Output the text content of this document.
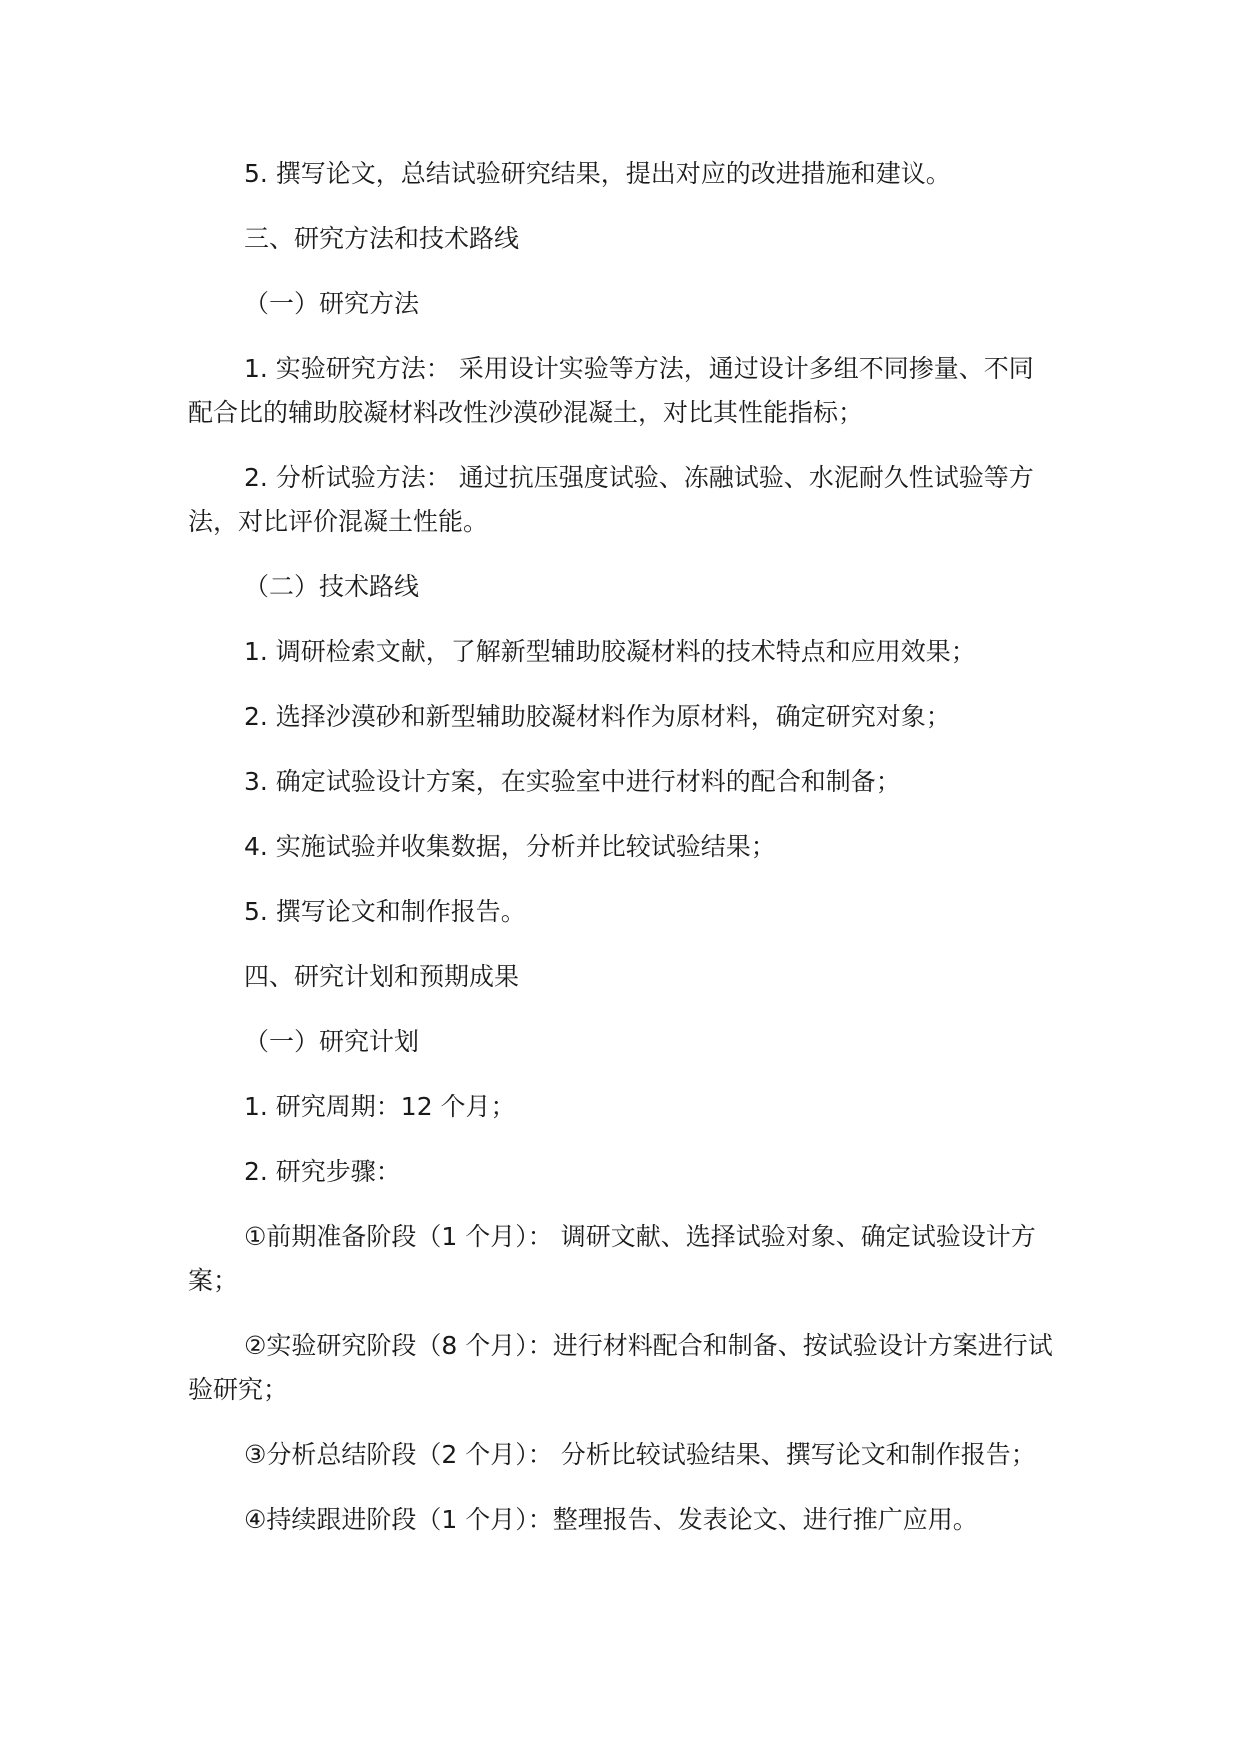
5. 撰写论文，总结试验研究结果，提出对应的改进措施和建议。

三、研究方法和技术路线

（一）研究方法

1. 实验研究方法： 采用设计实验等方法，通过设计多组不同掺量、不同配合比的辅助胶凝材料改性沙漠砂混凝土，对比其性能指标；

2. 分析试验方法： 通过抗压强度试验、冻融试验、水泥耐久性试验等方法，对比评价混凝土性能。

（二）技术路线

1. 调研检索文献，了解新型辅助胶凝材料的技术特点和应用效果；

2. 选择沙漠砂和新型辅助胶凝材料作为原材料，确定研究对象；

3. 确定试验设计方案，在实验室中进行材料的配合和制备；

4. 实施试验并收集数据，分析并比较试验结果；

5. 撰写论文和制作报告。

四、研究计划和预期成果

（一）研究计划

1. 研究周期：12 个月；

2. 研究步骤：

①前期准备阶段（1 个月）： 调研文献、选择试验对象、确定试验设计方案；

②实验研究阶段（8 个月）：进行材料配合和制备、按试验设计方案进行试验研究；

③分析总结阶段（2 个月）： 分析比较试验结果、撰写论文和制作报告；

④持续跟进阶段（1 个月）：整理报告、发表论文、进行推广应用。
